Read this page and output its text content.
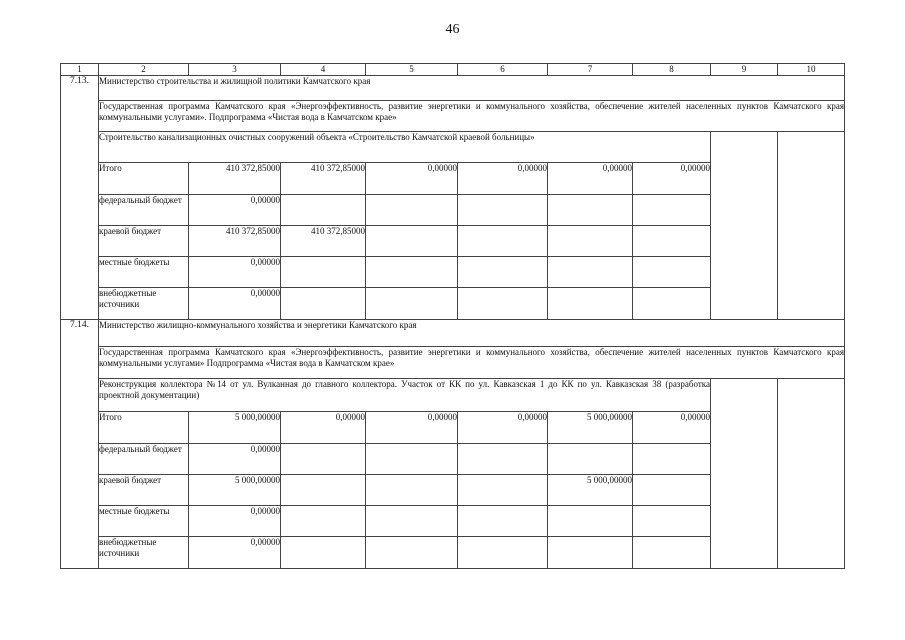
46
1	2	3	4	5	6	7	8	9	10
7.13.	Министерство строительства и жилищной политики Камчатского края								
	Государственная программа Камчатского края «Энергоэффективность, развитие энергетики и коммунального хозяйства, обеспечение жителей населенных пунктов Камчатского края коммунальными услугами». Подпрограмма «Чистая вода в Камчатском крае»								
	Строительство канализационных очистных сооружений объекта «Строительство Камчатской краевой больницы»								
	Итого	410 372,85000	410 372,85000	0,00000	0,00000	0,00000	0,00000		
	федеральный бюджет	0,00000							
	краевой бюджет	410 372,85000	410 372,85000						
	местные бюджеты	0,00000							
	внебюджетные источники	0,00000							
7.14.	Министерство жилищно-коммунального хозяйства и энергетики Камчатского края								
	Государственная программа Камчатского края «Энергоэффективность, развитие энергетики и коммунального хозяйства, обеспечение жителей населенных пунктов Камчатского края коммунальными услугами» Подпрограмма «Чистая вода в Камчатском крае»								
	Реконструкция коллектора №14 от ул. Вулканная до главного коллектора. Участок от КК по ул. Кавказская 1 до КК по ул. Кавказская 38 (разработка проектной документации)								
	Итого	5 000,00000	0,00000	0,00000	0,00000	5 000,00000	0,00000		
	федеральный бюджет	0,00000							
	краевой бюджет	5 000,00000				5 000,00000			
	местные бюджеты	0,00000							
	внебюджетные источники	0,00000							
